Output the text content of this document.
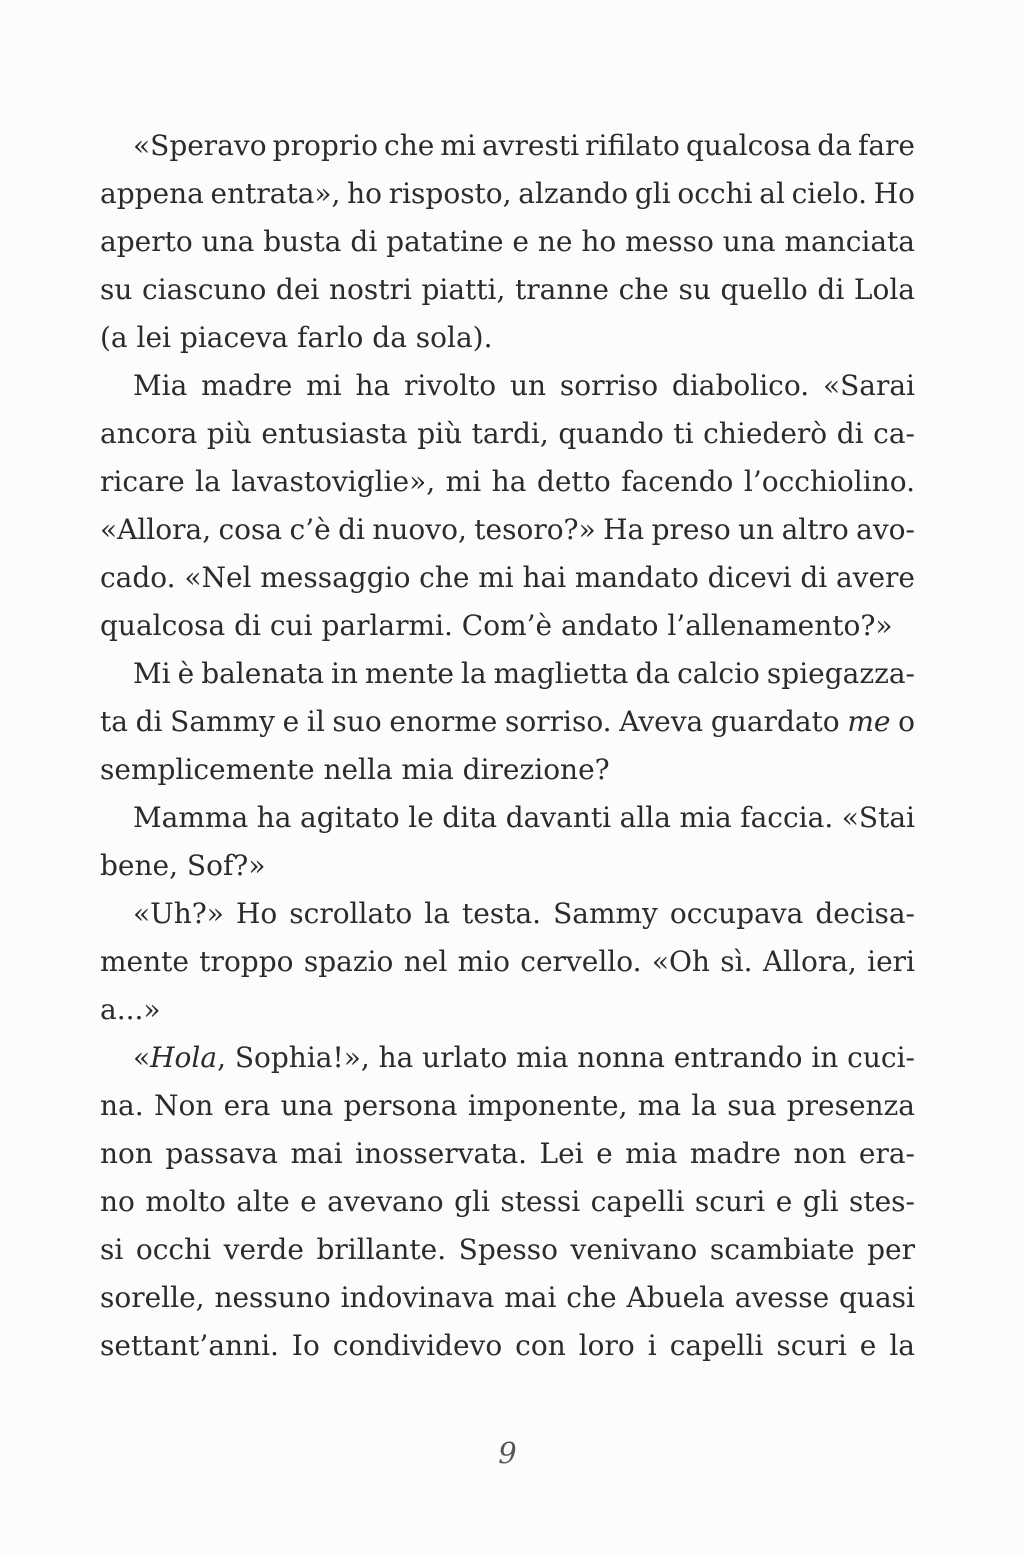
«Speravo proprio che mi avresti rifilato qualcosa da fare
appena entrata», ho risposto, alzando gli occhi al cielo. Ho
aperto una busta di patatine e ne ho messo una manciata
su ciascuno dei nostri piatti, tranne che su quello di Lola
(a lei piaceva farlo da sola).
Mia madre mi ha rivolto un sorriso diabolico. «Sarai
ancora più entusiasta più tardi, quando ti chiederò di ca-
ricare la lavastoviglie», mi ha detto facendo l’occhiolino.
«Allora, cosa c’è di nuovo, tesoro?» Ha preso un altro avo-
cado. «Nel messaggio che mi hai mandato dicevi di avere
qualcosa di cui parlarmi. Com’è andato l’allenamento?»
Mi è balenata in mente la maglietta da calcio spiegazza-
ta di Sammy e il suo enorme sorriso. Aveva guardato me o
semplicemente nella mia direzione?
Mamma ha agitato le dita davanti alla mia faccia. «Stai
bene, Sof?»
«Uh?» Ho scrollato la testa. Sammy occupava decisa-
mente troppo spazio nel mio cervello. «Oh sì. Allora, ieri
a...»
«Hola, Sophia!», ha urlato mia nonna entrando in cuci-
na. Non era una persona imponente, ma la sua presenza
non passava mai inosservata. Lei e mia madre non era-
no molto alte e avevano gli stessi capelli scuri e gli stes-
si occhi verde brillante. Spesso venivano scambiate per
sorelle, nessuno indovinava mai che Abuela avesse quasi
settant’anni. Io condividevo con loro i capelli scuri e la
9
